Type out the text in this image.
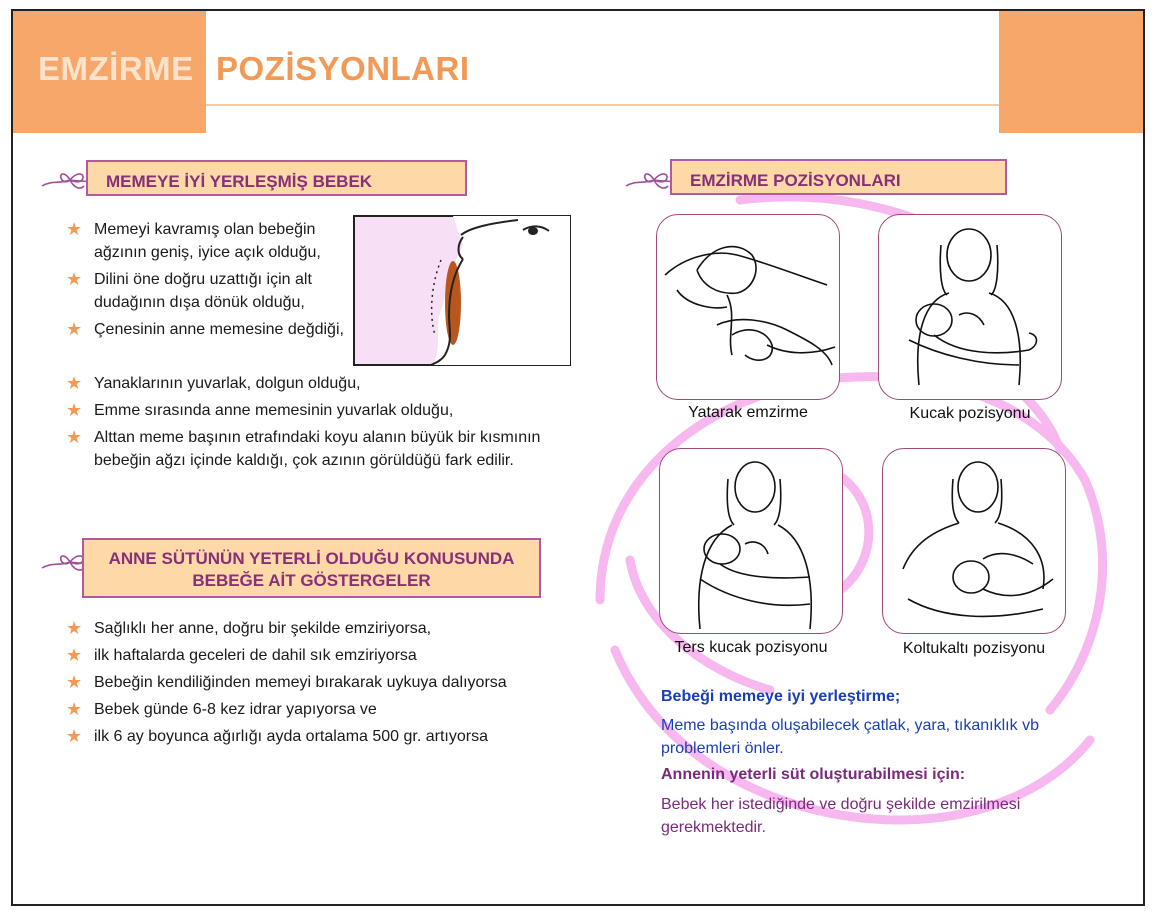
EMZİRME POZİSYONLARI
MEMEYE İYİ YERLEŞMİŞ BEBEK
★ Memeyi kavramış olan bebeğin ağzının geniş, iyice açık olduğu,
★ Dilini öne doğru uzattığı için alt dudağının dışa dönük olduğu,
★ Çenesinin anne memesine değdiği,
★ Yanaklarının yuvarlak, dolgun olduğu,
★ Emme sırasında anne memesinin yuvarlak olduğu,
★ Alttan meme başının etrafındaki koyu alanın büyük bir kısmının bebeğin ağzı içinde kaldığı, çok azının görüldüğü fark edilir.
ANNE SÜTÜNÜN YETERLİ OLDUĞU KONUSUNDA
BEBEĞE AİT GÖSTERGELER
★ Sağlıklı her anne, doğru bir şekilde emziriyorsa,
★ ilk haftalarda geceleri de dahil sık emziriyorsa
★ Bebeğin kendiliğinden memeyi bırakarak uykuya dalıyorsa
★ Bebek günde 6-8 kez idrar yapıyorsa ve
★ ilk 6 ay boyunca ağırlığı ayda ortalama 500 gr. artıyorsa
EMZİRME POZİSYONLARI
Yatarak emzirme	Kucak pozisyonu
Ters kucak pozisyonu	Koltukaltı pozisyonu
Bebeği memeye iyi yerleştirme;
Meme başında oluşabilecek çatlak, yara, tıkanıklık vb problemleri önler.
Annenin yeterli süt oluşturabilmesi için:
Bebek her istediğinde ve doğru şekilde emzirilmesi gerekmektedir.
